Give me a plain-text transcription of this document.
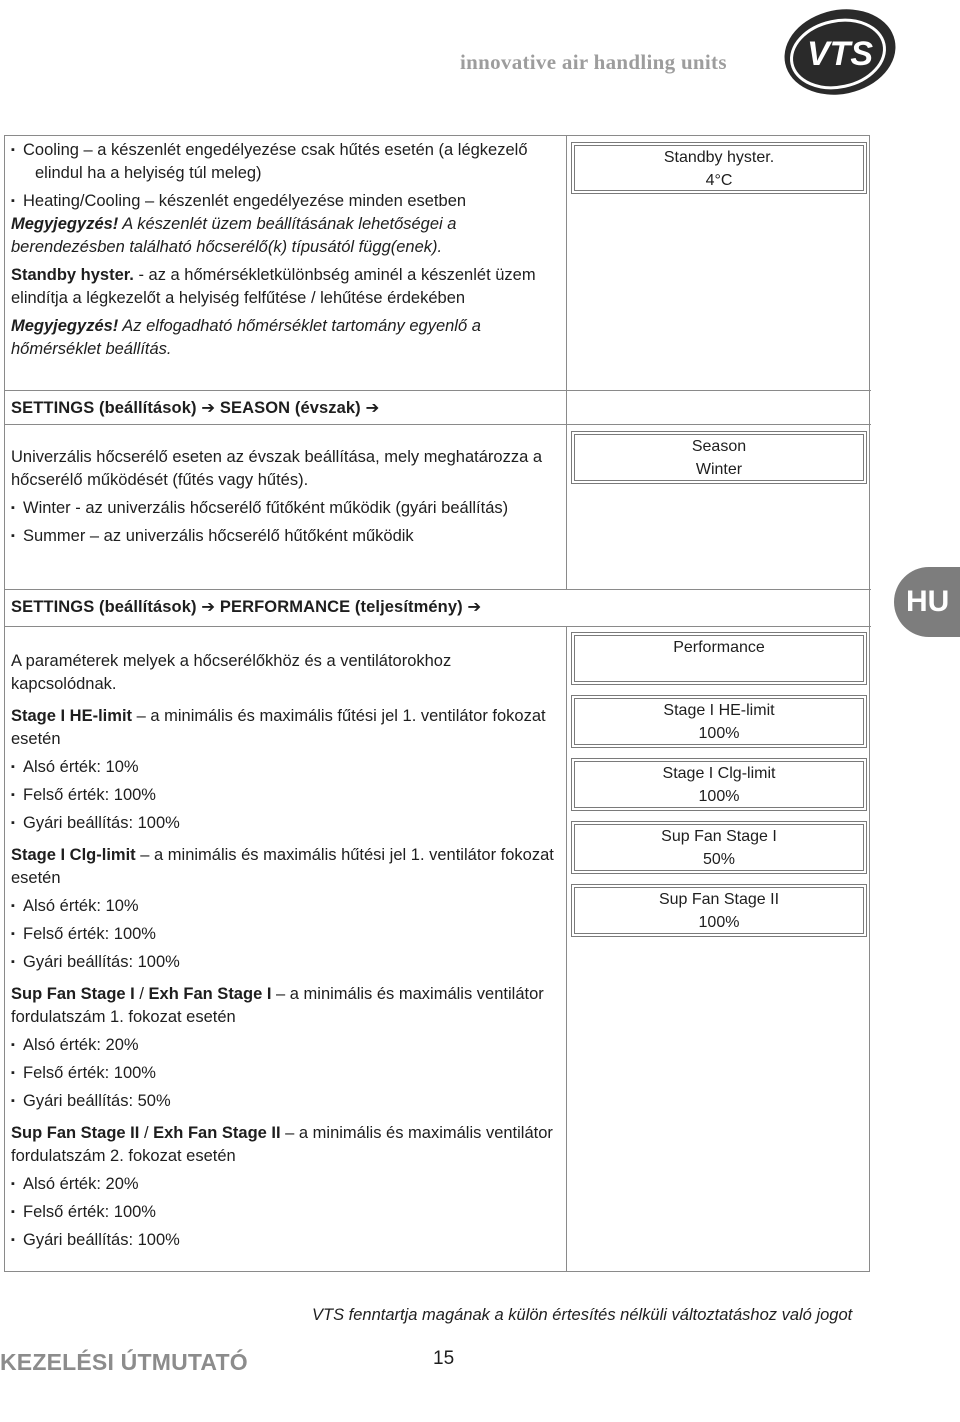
innovative air handling units VTS

▪ Cooling – a készenlét engedélyezése csak hűtés esetén (a légkezelő elindul ha a helyiség túl meleg)

▪ Heating/Cooling – készenlét engedélyezése minden esetben

Megyjegyzés! A készenlét üzem beállításának lehetőségei a berendezésben található hőcserélő(k) típusától függ(enek).

Standby hyster. - az a hőmérsékletkülönbség aminél a készenlét üzem elindítja a légkezelőt a helyiség felfűtése / lehűtése érdekében

Megyjegyzés! Az elfogadható hőmérséklet tartomány egyenlő a hőmérséklet beállítás.

Standby hyster.
4°C
SETTINGS (beállítások) ➔ SEASON (évszak) ➔

Univerzális hőcserélő eseten az évszak beállítása, mely meghatározza a hőcserélő működését (fűtés vagy hűtés).

▪ Winter - az univerzális hőcserélő fűtőként működik (gyári beállítás)

▪ Summer – az univerzális hőcserélő hűtőként működik

Season
Winter
SETTINGS (beállítások) ➔ PERFORMANCE (teljesítmény) ➔

A paraméterek melyek a hőcserélőkhöz és a ventilátorokhoz kapcsolódnak.

Stage I HE-limit – a minimális és maximális fűtési jel 1. ventilátor fokozat esetén

▪ Alsó érték: 10%

▪ Felső érték: 100%

▪ Gyári beállítás: 100%

Stage I Clg-limit – a minimális és maximális hűtési jel 1. ventilátor fokozat esetén

▪ Alsó érték: 10%

▪ Felső érték: 100%

▪ Gyári beállítás: 100%

Sup Fan Stage I / Exh Fan Stage I – a minimális és maximális ventilátor fordulatszám 1. fokozat esetén

▪ Alsó érték: 20%

▪ Felső érték: 100%

▪ Gyári beállítás: 50%

Sup Fan Stage II / Exh Fan Stage II – a minimális és maximális ventilátor fordulatszám 2. fokozat esetén

▪ Alsó érték: 20%

▪ Felső érték: 100%

▪ Gyári beállítás: 100%

Performance
Stage I HE-limit
100%
Stage I Clg-limit
100%
Sup Fan Stage I
50%
Sup Fan Stage II
100%
HU
VTS fenntartja magának a külön értesítés nélküli változtatáshoz való jogot
KEZELÉSI ÚTMUTATÓ	15
